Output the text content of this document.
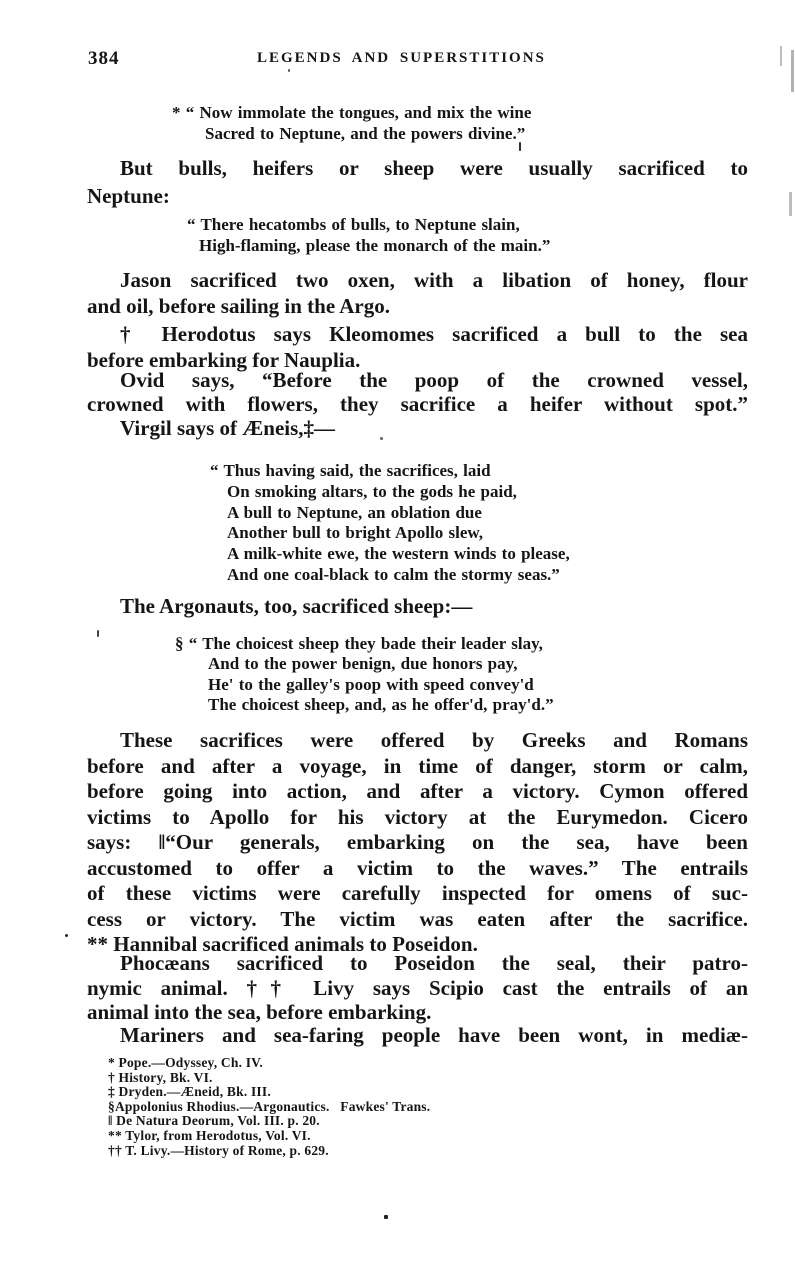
384	LEGENDS AND SUPERSTITIONS
* “ Now immolate the tongues, and mix the wine
Sacred to Neptune, and the powers divine.”
But bulls, heifers or sheep were usually sacrificed to
Neptune:
“ There hecatombs of bulls, to Neptune slain,
High-flaming, please the monarch of the main.”
Jason sacrificed two oxen, with a libation of honey, flour
and oil, before sailing in the Argo.
† Herodotus says Kleomomes sacrificed a bull to the sea
before embarking for Nauplia.
Ovid says, “Before the poop of the crowned vessel,
crowned with flowers, they sacrifice a heifer without spot.”
Virgil says of Æneis,‡—
“ Thus having said, the sacrifices, laid
On smoking altars, to the gods he paid,
A bull to Neptune, an oblation due
Another bull to bright Apollo slew,
A milk-white ewe, the western winds to please,
And one coal-black to calm the stormy seas.”
The Argonauts, too, sacrificed sheep:—
§ “ The choicest sheep they bade their leader slay,
And to the power benign, due honors pay,
He' to the galley's poop with speed convey'd
The choicest sheep, and, as he offer'd, pray'd.”
These sacrifices were offered by Greeks and Romans
before and after a voyage, in time of danger, storm or calm,
before going into action, and after a victory. Cymon offered
victims to Apollo for his victory at the Eurymedon. Cicero
says: ‖“Our generals, embarking on the sea, have been
accustomed to offer a victim to the waves.” The entrails
of these victims were carefully inspected for omens of suc-
cess or victory. The victim was eaten after the sacrifice.
** Hannibal sacrificed animals to Poseidon.
Phocæans sacrificed to Poseidon the seal, their patro-
nymic animal. †† Livy says Scipio cast the entrails of an
animal into the sea, before embarking.
Mariners and sea-faring people have been wont, in mediæ-
* Pope.—Odyssey, Ch. IV.
† History, Bk. VI.
‡ Dryden.—Æneid, Bk. III.
§Appolonius Rhodius.—Argonautics.   Fawkes' Trans.
‖ De Natura Deorum, Vol. III. p. 20.
** Tylor, from Herodotus, Vol. VI.
†† T. Livy.—History of Rome, p. 629.
